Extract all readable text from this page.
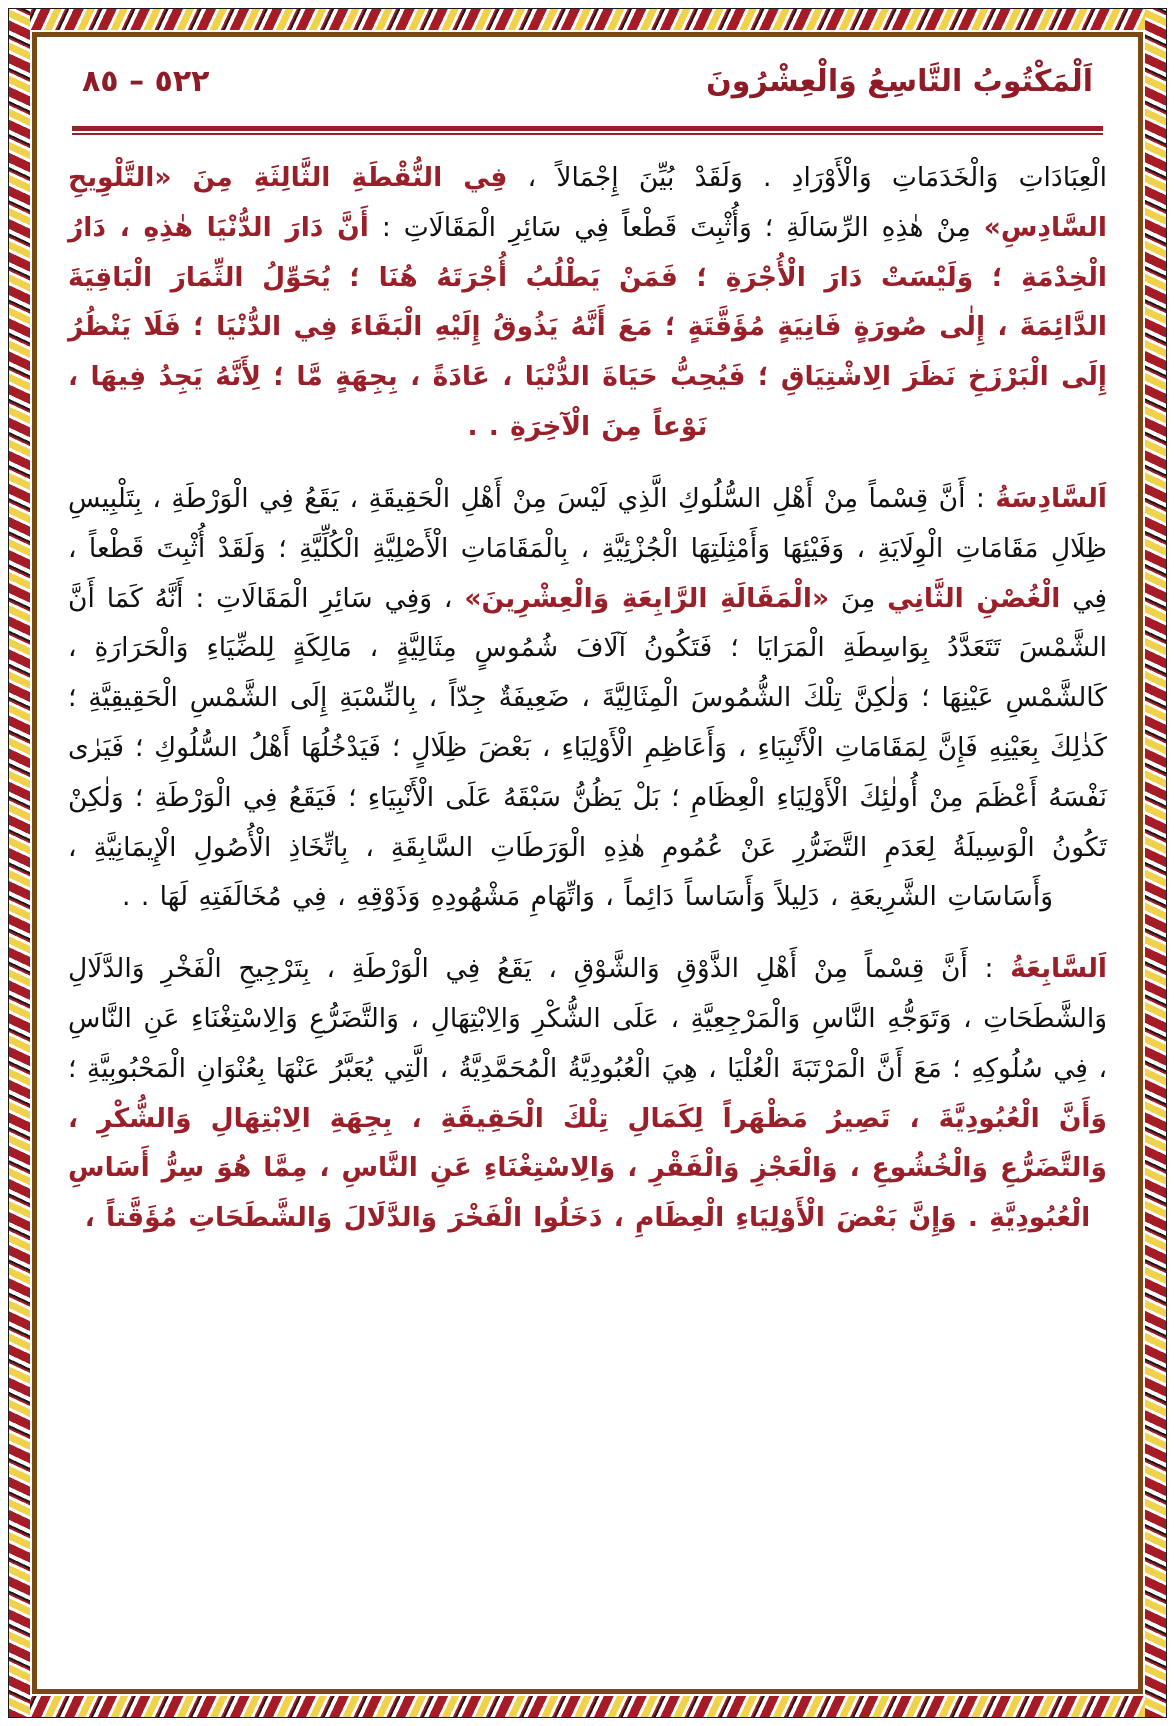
اَلْمَكْتُوبُ التَّاسِعُ وَالْعِشْرُونَ
٥٢٢ – ٨٥

الْعِبَادَاتِ وَالْخَدَمَاتِ وَالْأَوْرَادِ . وَلَقَدْ بُيِّنَ إِجْمَالاً ، فِي النُّقْطَةِ الثَّالِثَةِ مِنَ «التَّلْوِيحِ السَّادِسِ» مِنْ هٰذِهِ الرِّسَالَةِ ؛ وَأُثْبِتَ قَطْعاً فِي سَائِرِ الْمَقَالَاتِ : أَنَّ دَارَ الدُّنْيَا هٰذِهِ ، دَارُ الْخِدْمَةِ ؛ وَلَيْسَتْ دَارَ الْأُجْرَةِ ؛ فَمَنْ يَطْلُبُ أُجْرَتَهُ هُنَا ؛ يُحَوِّلُ الثِّمَارَ الْبَاقِيَةَ الدَّائِمَةَ ، إِلٰى صُورَةٍ فَانِيَةٍ مُؤَقَّتَةٍ ؛ مَعَ أَنَّهُ يَذُوقُ إِلَيْهِ الْبَقَاءَ فِي الدُّنْيَا ؛ فَلَا يَنْظُرُ إِلَى الْبَرْزَخِ نَظَرَ الِاشْتِيَاقِ ؛ فَيُحِبُّ حَيَاةَ الدُّنْيَا ، عَادَةً ، بِجِهَةٍ مَّا ؛ لِأَنَّهُ يَجِدُ فِيهَا ، نَوْعاً مِنَ الْآخِرَةِ . .

اَلسَّادِسَةُ : أَنَّ قِسْماً مِنْ أَهْلِ السُّلُوكِ الَّذِي لَيْسَ مِنْ أَهْلِ الْحَقِيقَةِ ، يَقَعُ فِي الْوَرْطَةِ ، بِتَلْبِيسِ ظِلَالِ مَقَامَاتِ الْوِلَايَةِ ، وَفَيْئِهَا وَأَمْثِلَتِهَا الْجُزْئِيَّةِ ، بِالْمَقَامَاتِ الْأَصْلِيَّةِ الْكُلِّيَّةِ ؛ وَلَقَدْ أُثْبِتَ قَطْعاً ، فِي الْغُصْنِ الثَّانِي مِنَ «الْمَقَالَةِ الرَّابِعَةِ وَالْعِشْرِينَ» ، وَفِي سَائِرِ الْمَقَالَاتِ : أَنَّهُ كَمَا أَنَّ الشَّمْسَ تَتَعَدَّدُ بِوَاسِطَةِ الْمَرَايَا ؛ فَتَكُونُ آلَافَ شُمُوسٍ مِثَالِيَّةٍ ، مَالِكَةٍ لِلضِّيَاءِ وَالْحَرَارَةِ ، كَالشَّمْسِ عَيْنِهَا ؛ وَلٰكِنَّ تِلْكَ الشُّمُوسَ الْمِثَالِيَّةَ ، ضَعِيفَةٌ جِدّاً ، بِالنِّسْبَةِ إِلَى الشَّمْسِ الْحَقِيقِيَّةِ ؛ كَذٰلِكَ بِعَيْنِهِ فَإِنَّ لِمَقَامَاتِ الْأَنْبِيَاءِ ، وَأَعَاظِمِ الْأَوْلِيَاءِ ، بَعْضَ ظِلَالٍ ؛ فَيَدْخُلُهَا أَهْلُ السُّلُوكِ ؛ فَيَرٰى نَفْسَهُ أَعْظَمَ مِنْ أُولٰئِكَ الْأَوْلِيَاءِ الْعِظَامِ ؛ بَلْ يَظُنُّ سَبْقَهُ عَلَى الْأَنْبِيَاءِ ؛ فَيَقَعُ فِي الْوَرْطَةِ ؛ وَلٰكِنْ تَكُونُ الْوَسِيلَةُ لِعَدَمِ التَّضَرُّرِ عَنْ عُمُومِ هٰذِهِ الْوَرَطَاتِ السَّابِقَةِ ، بِاتِّخَاذِ الْأُصُولِ الْإِيمَانِيَّةِ ، وَأَسَاسَاتِ الشَّرِيعَةِ ، دَلِيلاً وَأَسَاساً دَائِماً ، وَاتِّهَامِ مَشْهُودِهِ وَذَوْقِهِ ، فِي مُخَالَفَتِهِ لَهَا . .

اَلسَّابِعَةُ : أَنَّ قِسْماً مِنْ أَهْلِ الذَّوْقِ وَالشَّوْقِ ، يَقَعُ فِي الْوَرْطَةِ ، بِتَرْجِيحِ الْفَخْرِ وَالدَّلَالِ وَالشَّطَحَاتِ ، وَتَوَجُّهِ النَّاسِ وَالْمَرْجِعِيَّةِ ، عَلَى الشُّكْرِ وَالِابْتِهَالِ ، وَالتَّضَرُّعِ وَالِاسْتِغْنَاءِ عَنِ النَّاسِ ، فِي سُلُوكِهِ ؛ مَعَ أَنَّ الْمَرْتَبَةَ الْعُلْيَا ، هِيَ الْعُبُودِيَّةُ الْمُحَمَّدِيَّةُ ، الَّتِي يُعَبَّرُ عَنْهَا بِعُنْوَانِ الْمَحْبُوبِيَّةِ ؛ وَأَنَّ الْعُبُودِيَّةَ ، تَصِيرُ مَظْهَراً لِكَمَالِ تِلْكَ الْحَقِيقَةِ ، بِجِهَةِ الِابْتِهَالِ وَالشُّكْرِ ، وَالتَّضَرُّعِ وَالْخُشُوعِ ، وَالْعَجْزِ وَالْفَقْرِ ، وَالِاسْتِغْنَاءِ عَنِ النَّاسِ ، مِمَّا هُوَ سِرُّ أَسَاسِ الْعُبُودِيَّةِ . وَإِنَّ بَعْضَ الْأَوْلِيَاءِ الْعِظَامِ ، دَخَلُوا الْفَخْرَ وَالدَّلَالَ وَالشَّطَحَاتِ مُؤَقَّتاً ،
